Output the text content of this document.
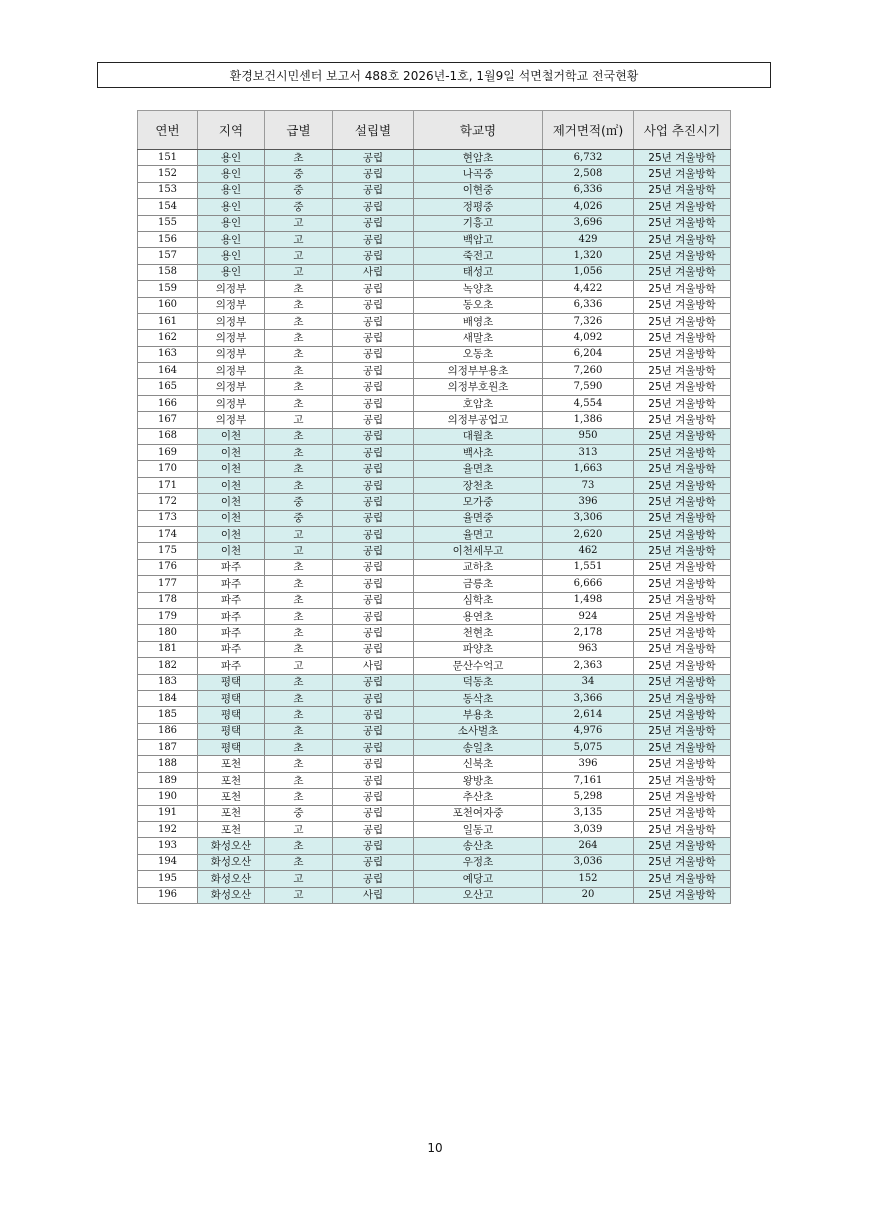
환경보건시민센터 보고서 488호 2026년-1호, 1월9일 석면철거학교 전국현황
연번	지역	급별	설립별	학교명	제거면적(㎡)	사업 추진시기
151	용인	초	공립	현암초	6,732	25년 겨울방학
152	용인	중	공립	나곡중	2,508	25년 겨울방학
153	용인	중	공립	이현중	6,336	25년 겨울방학
154	용인	중	공립	정평중	4,026	25년 겨울방학
155	용인	고	공립	기흥고	3,696	25년 겨울방학
156	용인	고	공립	백암고	429	25년 겨울방학
157	용인	고	공립	죽전고	1,320	25년 겨울방학
158	용인	고	사립	태성고	1,056	25년 겨울방학
159	의정부	초	공립	녹양초	4,422	25년 겨울방학
160	의정부	초	공립	동오초	6,336	25년 겨울방학
161	의정부	초	공립	배영초	7,326	25년 겨울방학
162	의정부	초	공립	새말초	4,092	25년 겨울방학
163	의정부	초	공립	오동초	6,204	25년 겨울방학
164	의정부	초	공립	의정부부용초	7,260	25년 겨울방학
165	의정부	초	공립	의정부호원초	7,590	25년 겨울방학
166	의정부	초	공립	호암초	4,554	25년 겨울방학
167	의정부	고	공립	의정부공업고	1,386	25년 겨울방학
168	이천	초	공립	대월초	950	25년 겨울방학
169	이천	초	공립	백사초	313	25년 겨울방학
170	이천	초	공립	율면초	1,663	25년 겨울방학
171	이천	초	공립	장천초	73	25년 겨울방학
172	이천	중	공립	모가중	396	25년 겨울방학
173	이천	중	공립	율면중	3,306	25년 겨울방학
174	이천	고	공립	율면고	2,620	25년 겨울방학
175	이천	고	공립	이천세무고	462	25년 겨울방학
176	파주	초	공립	교하초	1,551	25년 겨울방학
177	파주	초	공립	금릉초	6,666	25년 겨울방학
178	파주	초	공립	심학초	1,498	25년 겨울방학
179	파주	초	공립	용연초	924	25년 겨울방학
180	파주	초	공립	천현초	2,178	25년 겨울방학
181	파주	초	공립	파양초	963	25년 겨울방학
182	파주	고	사립	문산수억고	2,363	25년 겨울방학
183	평택	초	공립	덕동초	34	25년 겨울방학
184	평택	초	공립	동삭초	3,366	25년 겨울방학
185	평택	초	공립	부용초	2,614	25년 겨울방학
186	평택	초	공립	소사벌초	4,976	25년 겨울방학
187	평택	초	공립	송일초	5,075	25년 겨울방학
188	포천	초	공립	신북초	396	25년 겨울방학
189	포천	초	공립	왕방초	7,161	25년 겨울방학
190	포천	초	공립	추산초	5,298	25년 겨울방학
191	포천	중	공립	포천여자중	3,135	25년 겨울방학
192	포천	고	공립	일동고	3,039	25년 겨울방학
193	화성오산	초	공립	송산초	264	25년 겨울방학
194	화성오산	초	공립	우정초	3,036	25년 겨울방학
195	화성오산	고	공립	예당고	152	25년 겨울방학
196	화성오산	고	사립	오산고	20	25년 겨울방학
10
